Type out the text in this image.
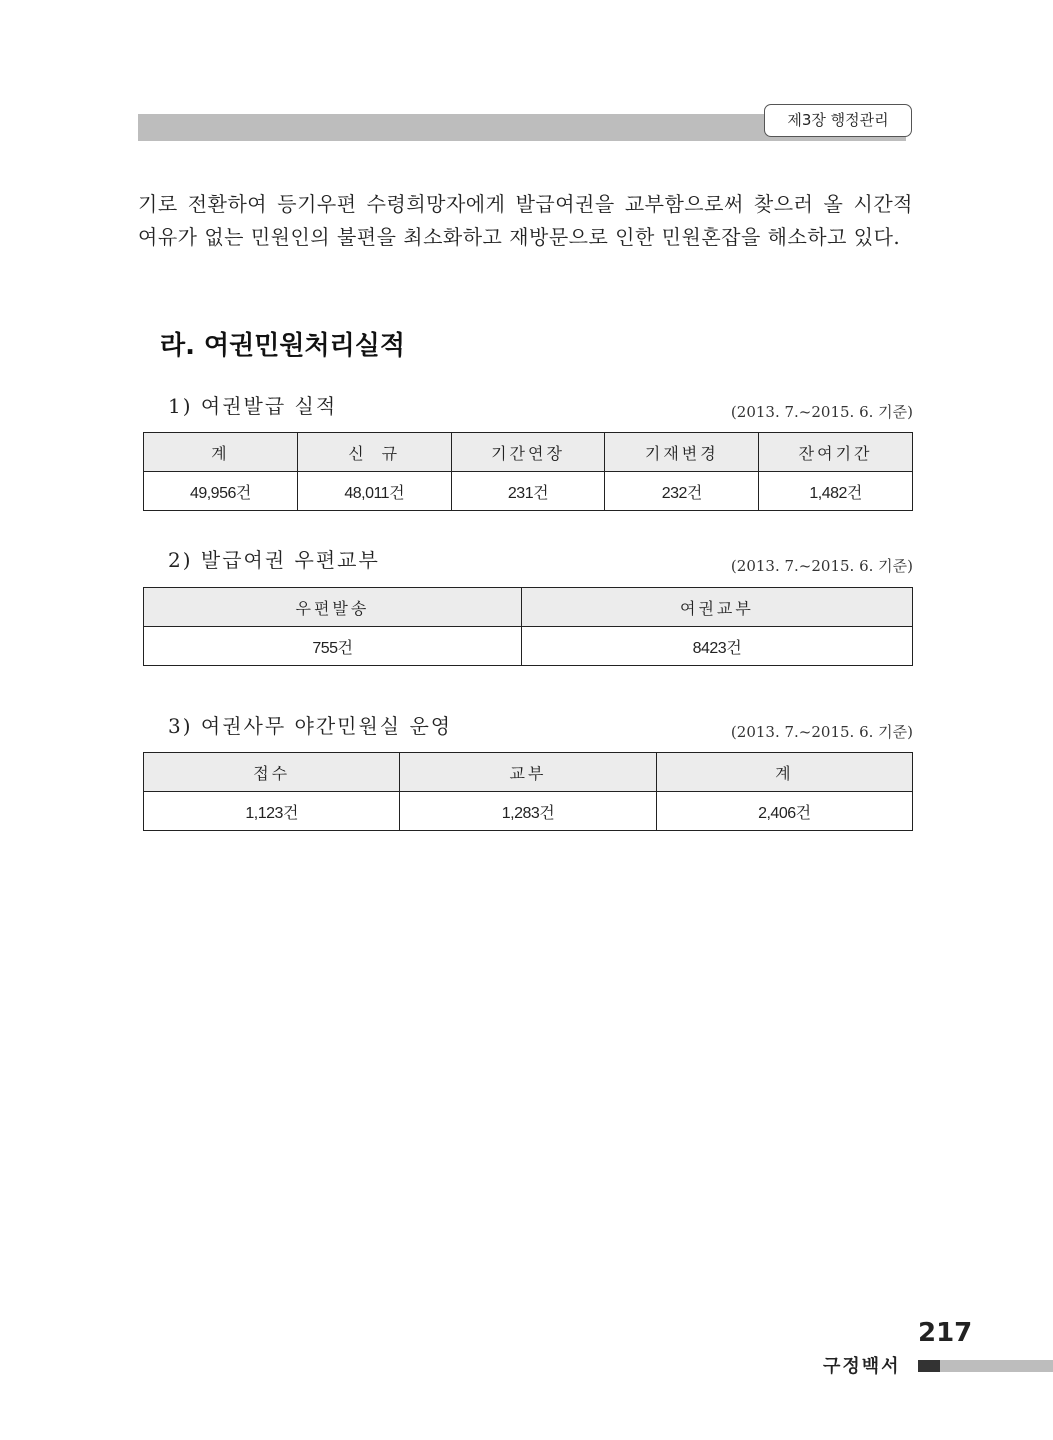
제3장 행정관리
기로 전환하여 등기우편 수령희망자에게 발급여권을 교부함으로써 찾으러 올 시간적 여유가 없는 민원인의 불편을 최소화하고 재방문으로 인한 민원혼잡을 해소하고 있다.
라. 여권민원처리실적
1) 여권발급 실적	(2013. 7.~2015. 6. 기준)
계	신  규	기간연장	기재변경	잔여기간
49,956건	48,011건	231건	232건	1,482건
2) 발급여권 우편교부	(2013. 7.~2015. 6. 기준)
우편발송	여권교부
755건	8423건
3) 여권사무 야간민원실 운영	(2013. 7.~2015. 6. 기준)
접수	교부	계
1,123건	1,283건	2,406건
217
구정백서
